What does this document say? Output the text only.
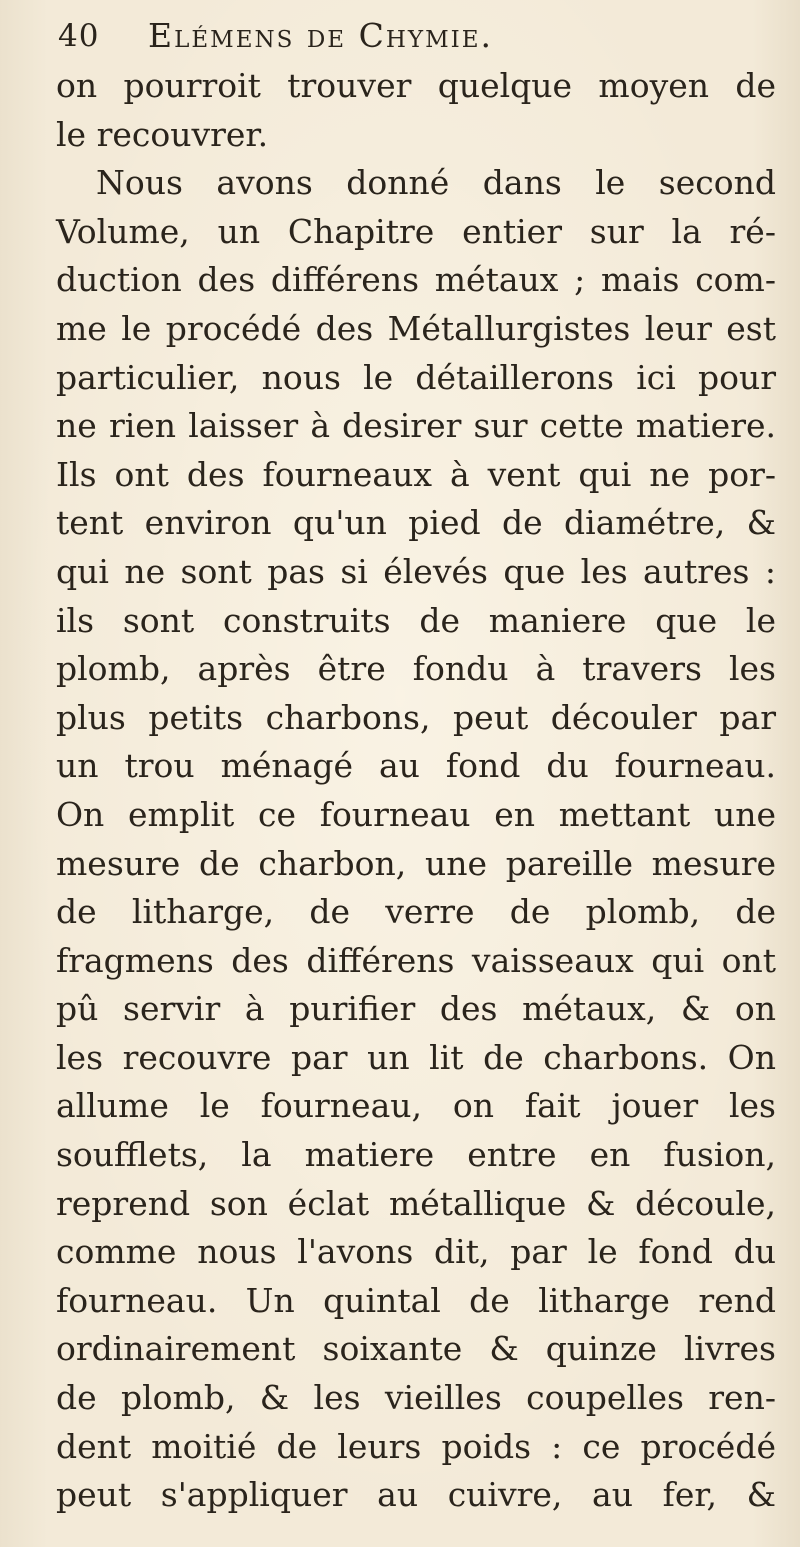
40 Elémens de Chymie.
on pourroit trouver quelque moyen de
le recouvrer.
Nous avons donné dans le second
Volume, un Chapitre entier sur la ré-
duction des différens métaux ; mais com-
me le procédé des Métallurgistes leur est
particulier, nous le détaillerons ici pour
ne rien laisser à desirer sur cette matiere.
Ils ont des fourneaux à vent qui ne por-
tent environ qu'un pied de diamétre, &
qui ne sont pas si élevés que les autres :
ils sont construits de maniere que le
plomb, après être fondu à travers les
plus petits charbons, peut découler par
un trou ménagé au fond du fourneau.
On emplit ce fourneau en mettant une
mesure de charbon, une pareille mesure
de litharge, de verre de plomb, de
fragmens des différens vaisseaux qui ont
pû servir à purifier des métaux, & on
les recouvre par un lit de charbons. On
allume le fourneau, on fait jouer les
soufflets, la matiere entre en fusion,
reprend son éclat métallique & découle,
comme nous l'avons dit, par le fond du
fourneau. Un quintal de litharge rend
ordinairement soixante & quinze livres
de plomb, & les vieilles coupelles ren-
dent moitié de leurs poids : ce procédé
peut s'appliquer au cuivre, au fer, &
